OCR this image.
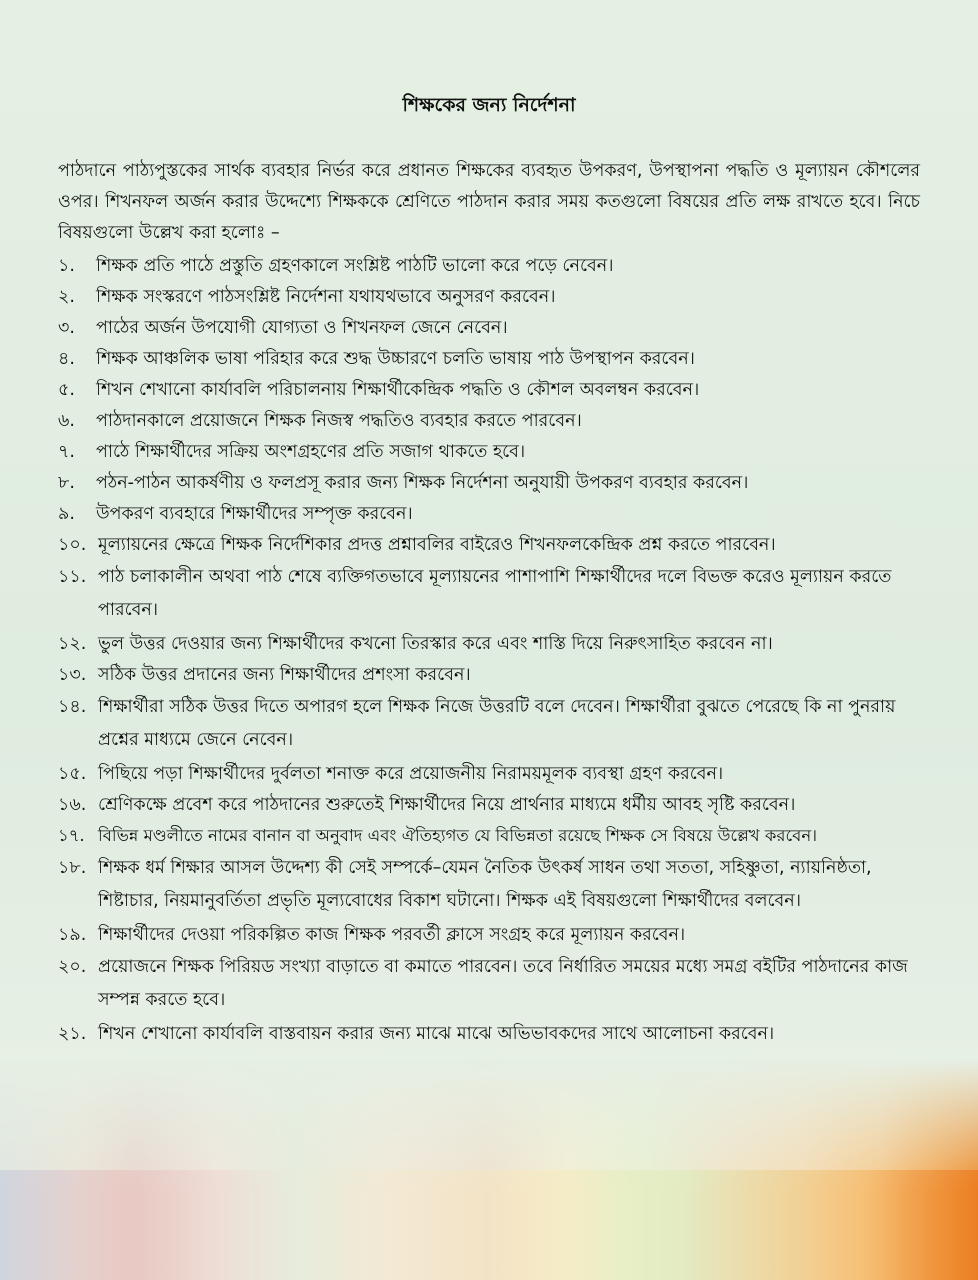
শিক্ষকের জন্য নির্দেশনা

পাঠদানে পাঠ্যপুস্তকের সার্থক ব্যবহার নির্ভর করে প্রধানত শিক্ষকের ব্যবহৃত উপকরণ, উপস্থাপনা পদ্ধতি ও মূল্যায়ন কৌশলের ওপর। শিখনফল অর্জন করার উদ্দেশ্যে শিক্ষককে শ্রেণিতে পাঠদান করার সময় কতগুলো বিষয়ের প্রতি লক্ষ রাখতে হবে। নিচে বিষয়গুলো উল্লেখ করা হলোঃ –

১.	শিক্ষক প্রতি পাঠে প্রস্তুতি গ্রহণকালে সংশ্লিষ্ট পাঠটি ভালো করে পড়ে নেবেন।
২.	শিক্ষক সংস্করণে পাঠসংশ্লিষ্ট নির্দেশনা যথাযথভাবে অনুসরণ করবেন।
৩.	পাঠের অর্জন উপযোগী যোগ্যতা ও শিখনফল জেনে নেবেন।
৪.	শিক্ষক আঞ্চলিক ভাষা পরিহার করে শুদ্ধ উচ্চারণে চলতি ভাষায় পাঠ উপস্থাপন করবেন।
৫.	শিখন শেখানো কার্যাবলি পরিচালনায় শিক্ষার্থীকেন্দ্রিক পদ্ধতি ও কৌশল অবলম্বন করবেন।
৬.	পাঠদানকালে প্রয়োজনে শিক্ষক নিজস্ব পদ্ধতিও ব্যবহার করতে পারবেন।
৭.	পাঠে শিক্ষার্থীদের সক্রিয় অংশগ্রহণের প্রতি সজাগ থাকতে হবে।
৮.	পঠন-পাঠন আকর্ষণীয় ও ফলপ্রসূ করার জন্য শিক্ষক নির্দেশনা অনুযায়ী উপকরণ ব্যবহার করবেন।
৯.	উপকরণ ব্যবহারে শিক্ষার্থীদের সম্পৃক্ত করবেন।
১০. মূল্যায়নের ক্ষেত্রে শিক্ষক নির্দেশিকার প্রদত্ত প্রশ্নাবলির বাইরেও শিখনফলকেন্দ্রিক প্রশ্ন করতে পারবেন।
১১. পাঠ চলাকালীন অথবা পাঠ শেষে ব্যক্তিগতভাবে মূল্যায়নের পাশাপাশি শিক্ষার্থীদের দলে বিভক্ত করেও মূল্যায়ন করতে পারবেন।
১২. ভুল উত্তর দেওয়ার জন্য শিক্ষার্থীদের কখনো তিরস্কার করে এবং শাস্তি দিয়ে নিরুৎসাহিত করবেন না।
১৩. সঠিক উত্তর প্রদানের জন্য শিক্ষার্থীদের প্রশংসা করবেন।
১৪. শিক্ষার্থীরা সঠিক উত্তর দিতে অপারগ হলে শিক্ষক নিজে উত্তরটি বলে দেবেন। শিক্ষার্থীরা বুঝতে পেরেছে কি না পুনরায় প্রশ্নের মাধ্যমে জেনে নেবেন।
১৫. পিছিয়ে পড়া শিক্ষার্থীদের দুর্বলতা শনাক্ত করে প্রয়োজনীয় নিরাময়মূলক ব্যবস্থা গ্রহণ করবেন।
১৬. শ্রেণিকক্ষে প্রবেশ করে পাঠদানের শুরুতেই শিক্ষার্থীদের নিয়ে প্রার্থনার মাধ্যমে ধর্মীয় আবহ সৃষ্টি করবেন।
১৭. বিভিন্ন মণ্ডলীতে নামের বানান বা অনুবাদ এবং ঐতিহ্যগত যে বিভিন্নতা রয়েছে শিক্ষক সে বিষয়ে উল্লেখ করবেন।
১৮. শিক্ষক ধর্ম শিক্ষার আসল উদ্দেশ্য কী সেই সম্পর্কে–যেমন নৈতিক উৎকর্ষ সাধন তথা সততা, সহিষ্ণুতা, ন্যায়নিষ্ঠতা, শিষ্টাচার, নিয়মানুবর্তিতা প্রভৃতি মূল্যবোধের বিকাশ ঘটানো। শিক্ষক এই বিষয়গুলো শিক্ষার্থীদের বলবেন।
১৯. শিক্ষার্থীদের দেওয়া পরিকল্পিত কাজ শিক্ষক পরবর্তী ক্লাসে সংগ্রহ করে মূল্যায়ন করবেন।
২০. প্রয়োজনে শিক্ষক পিরিয়ড সংখ্যা বাড়াতে বা কমাতে পারবেন। তবে নির্ধারিত সময়ের মধ্যে সমগ্র বইটির পাঠদানের কাজ সম্পন্ন করতে হবে।
২১. শিখন শেখানো কার্যাবলি বাস্তবায়ন করার জন্য মাঝে মাঝে অভিভাবকদের সাথে আলোচনা করবেন।
